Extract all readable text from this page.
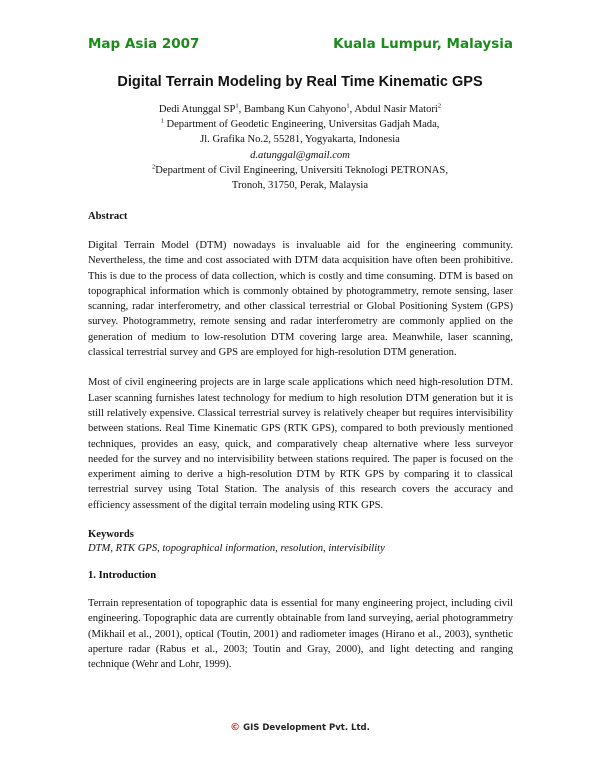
Map Asia 2007	Kuala Lumpur, Malaysia
Digital Terrain Modeling by Real Time Kinematic GPS
Dedi Atunggal $SP^1$, Bambang Kun Cahyono$^1$, Abdul Nasir Matori$^2$
$^1$ Department of Geodetic Engineering, Universitas Gadjah Mada,
Jl. Grafika No.2, 55281, Yogyakarta, Indonesia
d.atunggal@gmail.com
$^2$Department of Civil Engineering, Universiti Teknologi PETRONAS,
Tronoh, 31750, Perak, Malaysia
Abstract

Digital Terrain Model (DTM) nowadays is invaluable aid for the engineering community. Nevertheless, the time and cost associated with DTM data acquisition have often been prohibitive. This is due to the process of data collection, which is costly and time consuming. DTM is based on topographical information which is commonly obtained by photogrammetry, remote sensing, laser scanning, radar interferometry, and other classical terrestrial or Global Positioning System (GPS) survey. Photogrammetry, remote sensing and radar interferometry are commonly applied on the generation of medium to low-resolution DTM covering large area. Meanwhile, laser scanning, classical terrestrial survey and GPS are employed for high-resolution DTM generation.

Most of civil engineering projects are in large scale applications which need high-resolution DTM. Laser scanning furnishes latest technology for medium to high resolution DTM generation but it is still relatively expensive. Classical terrestrial survey is relatively cheaper but requires intervisibility between stations. Real Time Kinematic GPS (RTK GPS), compared to both previously mentioned techniques, provides an easy, quick, and comparatively cheap alternative where less surveyor needed for the survey and no intervisibility between stations required. The paper is focused on the experiment aiming to derive a high-resolution DTM by RTK GPS by comparing it to classical terrestrial survey using Total Station. The analysis of this research covers the accuracy and efficiency assessment of the digital terrain modeling using RTK GPS.

Keywords
DTM, RTK GPS, topographical information, resolution, intervisibility
1. Introduction

Terrain representation of topographic data is essential for many engineering project, including civil engineering. Topographic data are currently obtainable from land surveying, aerial photogrammetry (Mikhail et al., 2001), optical (Toutin, 2001) and radiometer images (Hirano et al., 2003), synthetic aperture radar (Rabus et al., 2003; Toutin and Gray, 2000), and light detecting and ranging technique (Wehr and Lohr, 1999).

© GIS Development Pvt. Ltd.
